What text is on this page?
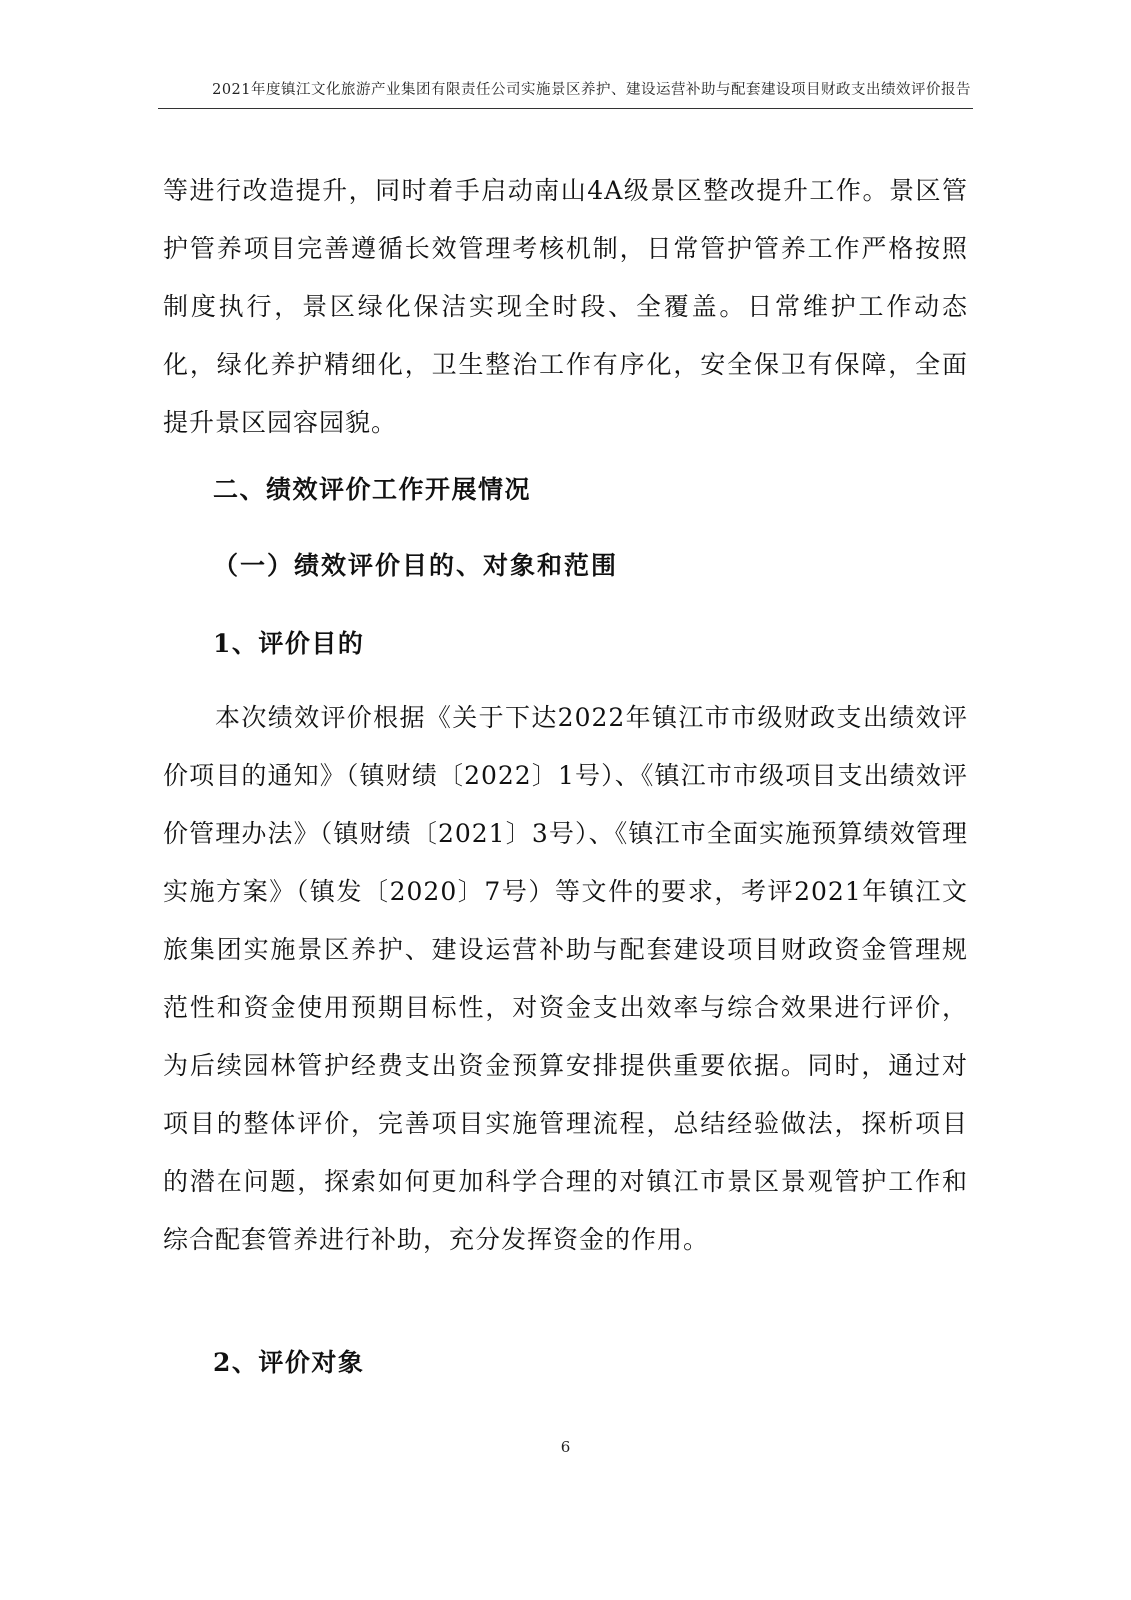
2021年度镇江文化旅游产业集团有限责任公司实施景区养护、建设运营补助与配套建设项目财政支出绩效评价报告

等进行改造提升，同时着手启动南山4A级景区整改提升工作。景区管护管养项目完善遵循长效管理考核机制，日常管护管养工作严格按照制度执行，景区绿化保洁实现全时段、全覆盖。日常维护工作动态化，绿化养护精细化，卫生整治工作有序化，安全保卫有保障，全面提升景区园容园貌。

二、绩效评价工作开展情况
（一）绩效评价目的、对象和范围
1、评价目的

本次绩效评价根据《关于下达2022年镇江市市级财政支出绩效评价项目的通知》（镇财绩〔2022〕1号）、《镇江市市级项目支出绩效评价管理办法》（镇财绩〔2021〕3号）、《镇江市全面实施预算绩效管理实施方案》（镇发〔2020〕7号）等文件的要求，考评2021年镇江文旅集团实施景区养护、建设运营补助与配套建设项目财政资金管理规范性和资金使用预期目标性，对资金支出效率与综合效果进行评价，为后续园林管护经费支出资金预算安排提供重要依据。同时，通过对项目的整体评价，完善项目实施管理流程，总结经验做法，探析项目的潜在问题，探索如何更加科学合理的对镇江市景区景观管护工作和综合配套管养进行补助，充分发挥资金的作用。

2、评价对象
6
